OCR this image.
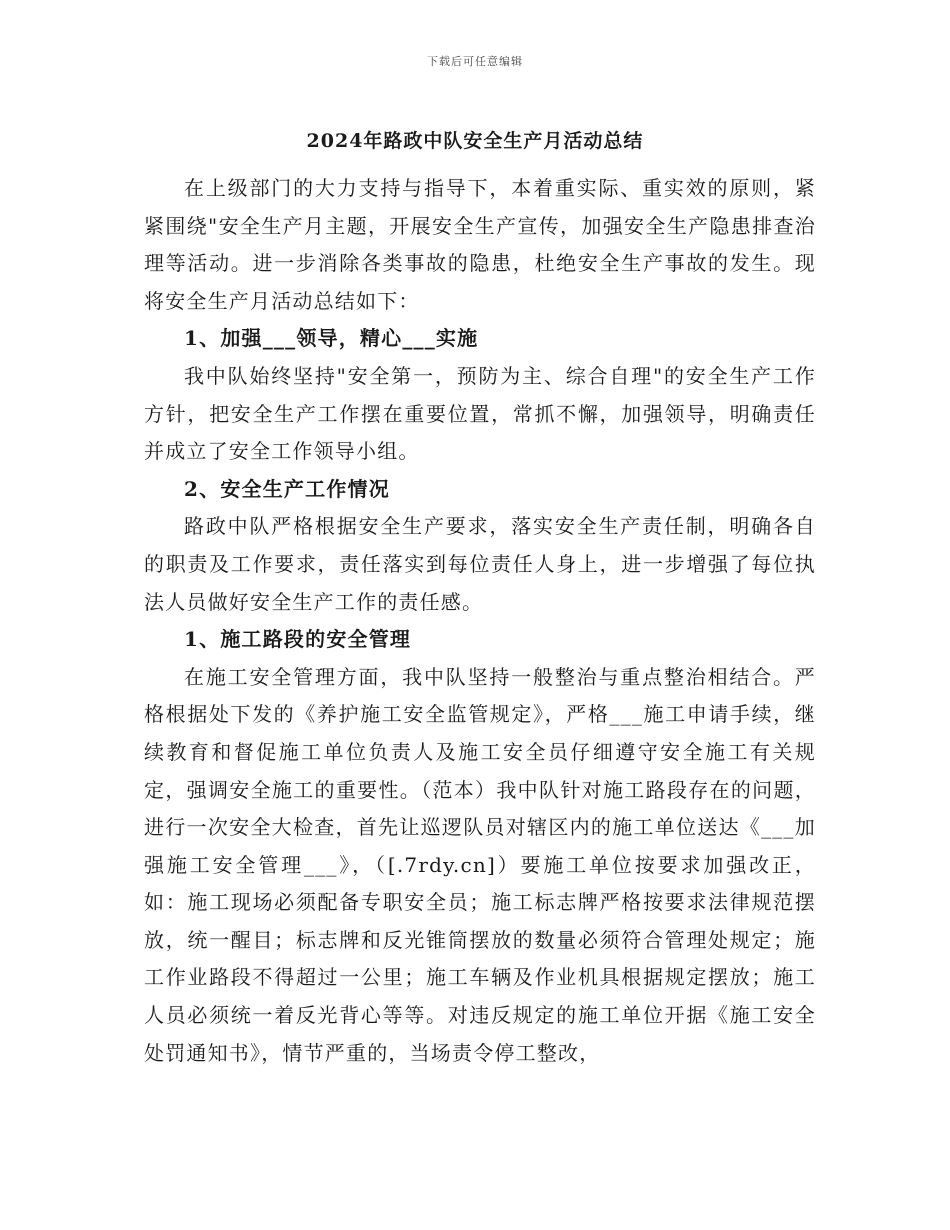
下载后可任意编辑
2024年路政中队安全生产月活动总结

在上级部门的大力支持与指导下，本着重实际、重实效的原则，紧紧围绕"安全生产月主题，开展安全生产宣传，加强安全生产隐患排查治理等活动。进一步消除各类事故的隐患，杜绝安全生产事故的发生。现将安全生产月活动总结如下：

1、加强___领导，精心___实施

我中队始终坚持"安全第一，预防为主、综合自理"的安全生产工作方针，把安全生产工作摆在重要位置，常抓不懈，加强领导，明确责任并成立了安全工作领导小组。

2、安全生产工作情况

路政中队严格根据安全生产要求，落实安全生产责任制，明确各自的职责及工作要求，责任落实到每位责任人身上，进一步增强了每位执法人员做好安全生产工作的责任感。

1、施工路段的安全管理

在施工安全管理方面，我中队坚持一般整治与重点整治相结合。严格根据处下发的《养护施工安全监管规定》，严格___施工申请手续，继续教育和督促施工单位负责人及施工安全员仔细遵守安全施工有关规定，强调安全施工的重要性。（范本）我中队针对施工路段存在的问题，进行一次安全大检查，首先让巡逻队员对辖区内的施工单位送达《___加强施工安全管理___》，（[.7rdy.cn]）要施工单位按要求加强改正，如：施工现场必须配备专职安全员；施工标志牌严格按要求法律规范摆放，统一醒目；标志牌和反光锥筒摆放的数量必须符合管理处规定；施工作业路段不得超过一公里；施工车辆及作业机具根据规定摆放；施工人员必须统一着反光背心等等。对违反规定的施工单位开据《施工安全处罚通知书》，情节严重的，当场责令停工整改，
